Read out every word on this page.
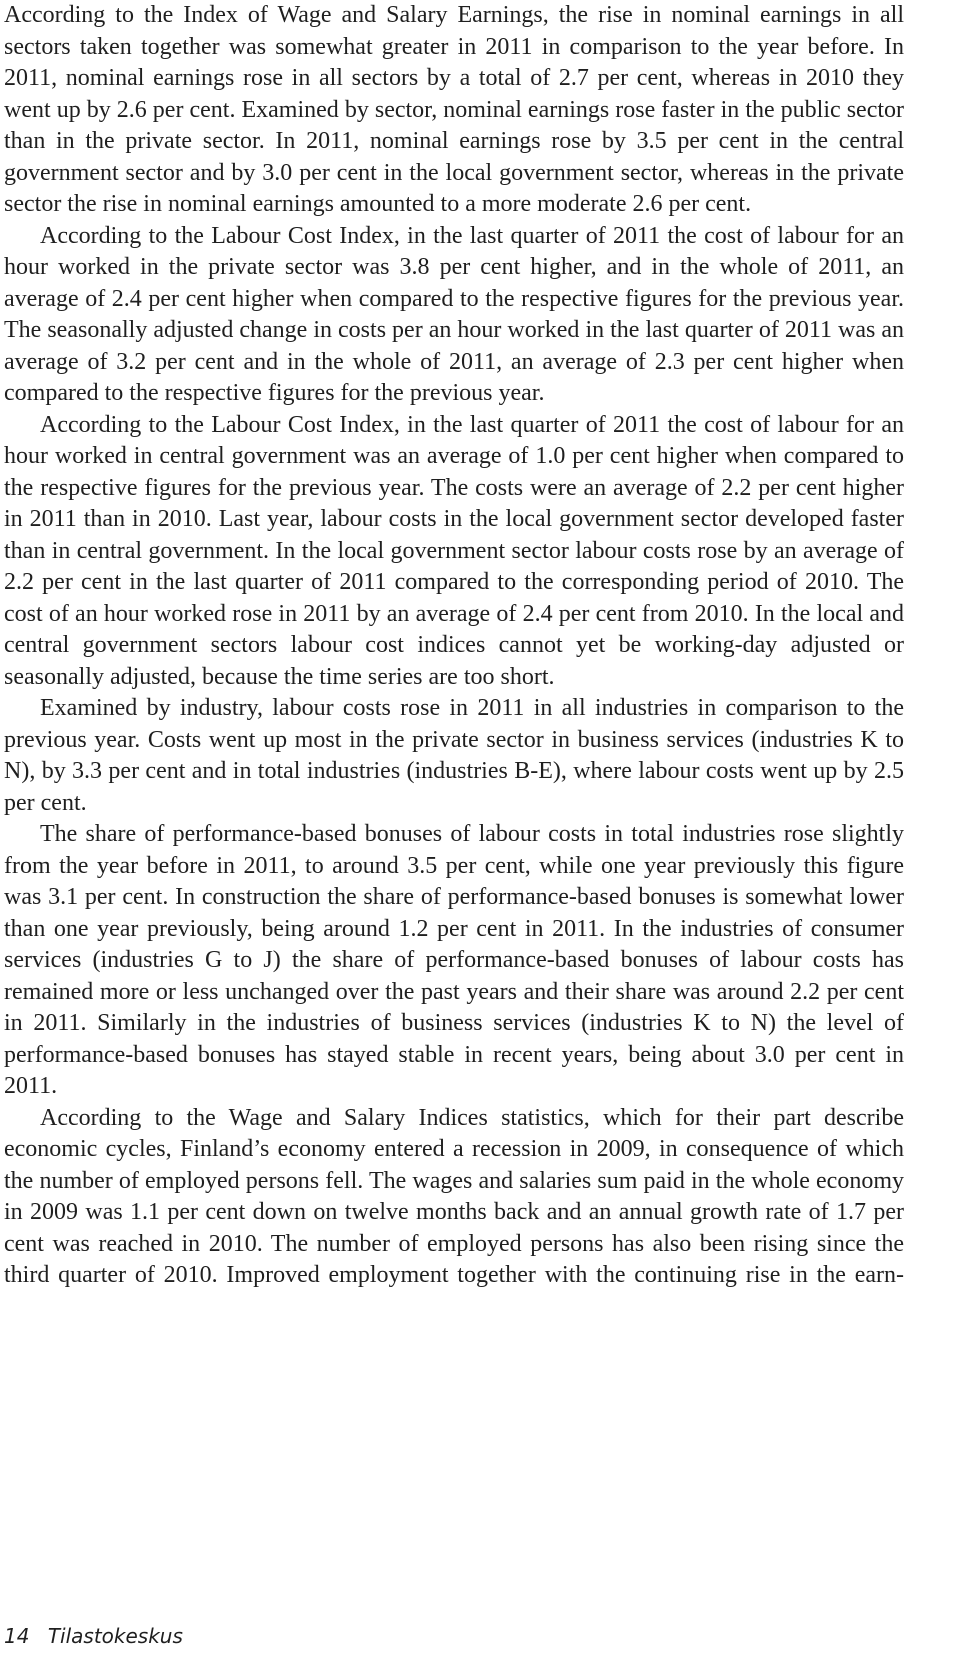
According to the Index of Wage and Salary Earnings, the rise in nominal earnings in all sectors taken together was somewhat greater in 2011 in comparison to the year before. In 2011, nominal earnings rose in all sectors by a total of 2.7 per cent, whereas in 2010 they went up by 2.6 per cent. Examined by sector, nominal earnings rose faster in the public sector than in the private sector. In 2011, nominal earnings rose by 3.5 per cent in the central government sector and by 3.0 per cent in the local government sector, whereas in the private sector the rise in nominal earnings amounted to a more moderate 2.6 per cent.

According to the Labour Cost Index, in the last quarter of 2011 the cost of labour for an hour worked in the private sector was 3.8 per cent higher, and in the whole of 2011, an average of 2.4 per cent higher when compared to the respective figures for the previous year. The seasonally adjusted change in costs per an hour worked in the last quarter of 2011 was an average of 3.2 per cent and in the whole of 2011, an average of 2.3 per cent higher when compared to the respective figures for the previous year.

According to the Labour Cost Index, in the last quarter of 2011 the cost of labour for an hour worked in central government was an average of 1.0 per cent higher when compared to the respective figures for the previous year. The costs were an average of 2.2 per cent higher in 2011 than in 2010. Last year, labour costs in the local government sector developed faster than in central government. In the local government sector labour costs rose by an average of 2.2 per cent in the last quarter of 2011 compared to the corresponding period of 2010. The cost of an hour worked rose in 2011 by an average of 2.4 per cent from 2010. In the local and central government sectors labour cost indices cannot yet be working-day adjusted or seasonally adjusted, because the time series are too short.

Examined by industry, labour costs rose in 2011 in all industries in comparison to the previous year. Costs went up most in the private sector in business services (industries K to N), by 3.3 per cent and in total industries (industries B-E), where labour costs went up by 2.5 per cent.

The share of performance-based bonuses of labour costs in total industries rose slightly from the year before in 2011, to around 3.5 per cent, while one year previously this figure was 3.1 per cent. In construction the share of performance-based bonuses is somewhat lower than one year previously, being around 1.2 per cent in 2011. In the industries of consumer services (industries G to J) the share of performance-based bonuses of labour costs has remained more or less unchanged over the past years and their share was around 2.2 per cent in 2011. Similarly in the industries of business services (industries K to N) the level of performance-based bonuses has stayed stable in recent years, being about 3.0 per cent in 2011.

According to the Wage and Salary Indices statistics, which for their part describe economic cycles, Finland’s economy entered a recession in 2009, in consequence of which the number of employed persons fell. The wages and salaries sum paid in the whole economy in 2009 was 1.1 per cent down on twelve months back and an annual growth rate of 1.7 per cent was reached in 2010. The number of employed persons has also been rising since the third quarter of 2010. Improved employment together with the continuing rise in the earn-

14 Tilastokeskus
